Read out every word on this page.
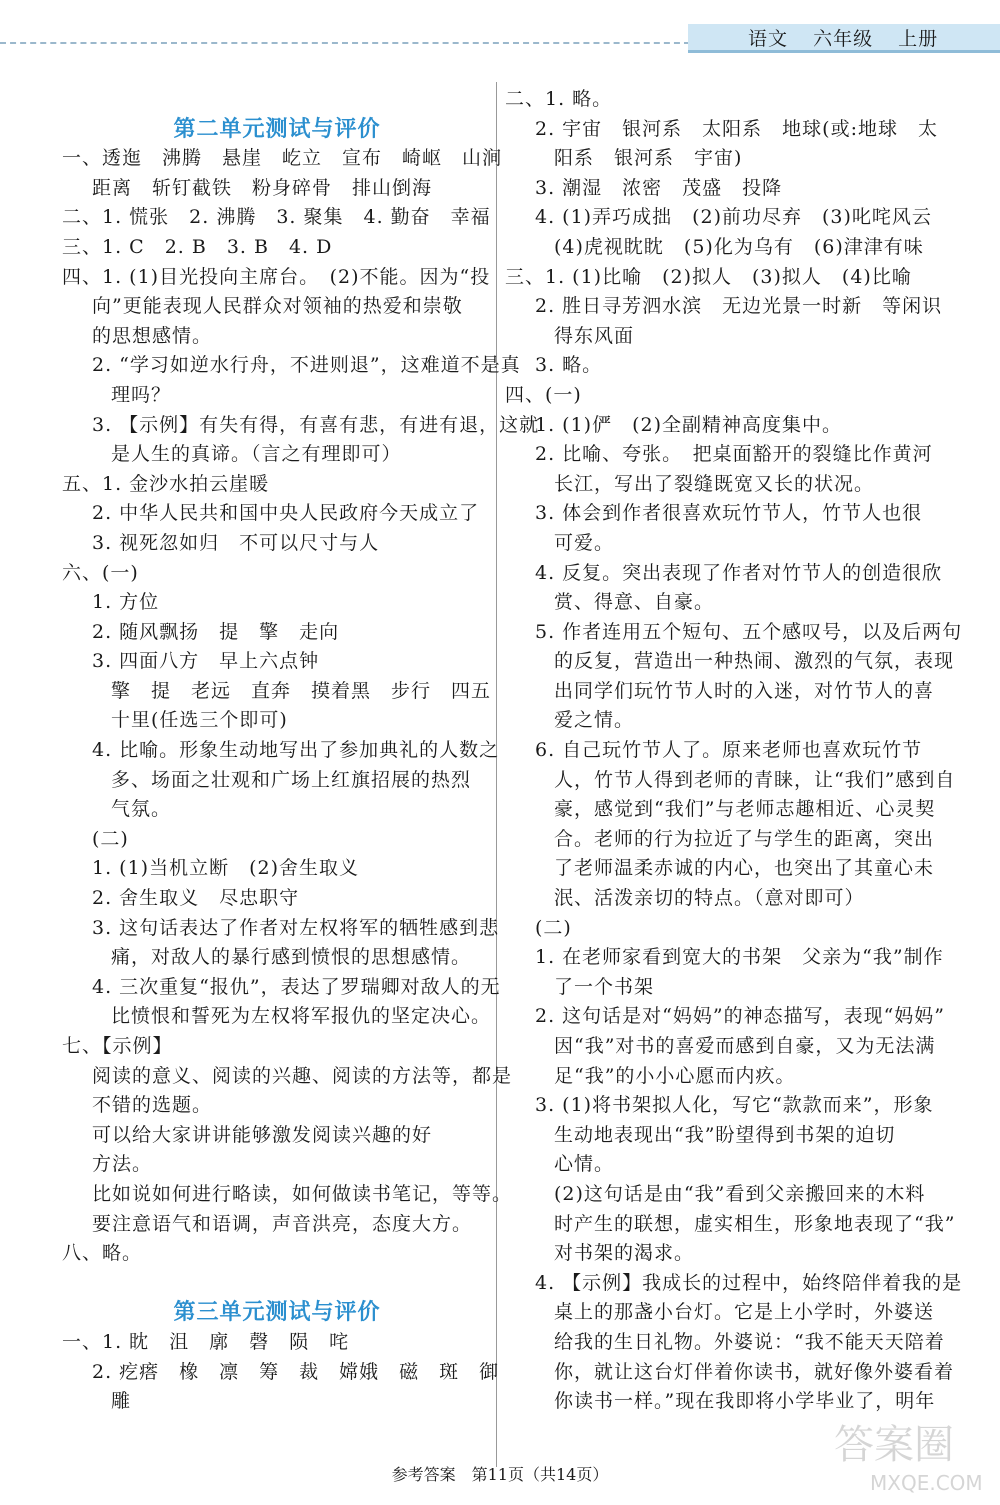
语文 六年级 上册

第二单元测试与评价
一、透迤　沸腾　悬崖　屹立　宣布　崎岖　山涧
距离　斩钉截铁　粉身碎骨　排山倒海
二、1. 慌张　2. 沸腾　3. 聚集　4. 勤奋　幸福
三、1. C　2. B　3. B　4. D
四、1. (1)目光投向主席台。　(2)不能。因为“投
向”更能表现人民群众对领袖的热爱和崇敬
的思想感情。
2. “学习如逆水行舟，不进则退”，这难道不是真
理吗？
3. 【示例】有失有得，有喜有悲，有进有退，这就
是人生的真谛。（言之有理即可）
五、1. 金沙水拍云崖暖
2. 中华人民共和国中央人民政府今天成立了
3. 视死忽如归　不可以尺寸与人
六、(一)
1. 方位
2. 随风飘扬　提　擎　走向
3. 四面八方　早上六点钟
擎　提　老远　直奔　摸着黑　步行　四五
十里(任选三个即可)
4. 比喻。形象生动地写出了参加典礼的人数之
多、场面之壮观和广场上红旗招展的热烈
气氛。
(二)
1. (1)当机立断　(2)舍生取义
2. 舍生取义　尽忠职守
3. 这句话表达了作者对左权将军的牺牲感到悲
痛，对敌人的暴行感到愤恨的思想感情。
4. 三次重复“报仇”，表达了罗瑞卿对敌人的无
比愤恨和誓死为左权将军报仇的坚定决心。
七、【示例】
阅读的意义、阅读的兴趣、阅读的方法等，都是
不错的选题。
可以给大家讲讲能够激发阅读兴趣的好
方法。
比如说如何进行略读，如何做读书笔记，等等。
要注意语气和语调，声音洪亮，态度大方。
八、略。

第三单元测试与评价
一、1. 眈　沮　廓　磬　陨　咤
2. 疙瘩　橡　凛　筹　裁　嫦娥　磁　斑　御
雕
二、1. 略。
2. 宇宙　银河系　太阳系　地球(或:地球　太
阳系　银河系　宇宙)
3. 潮湿　浓密　茂盛　投降
4. (1)弄巧成拙　(2)前功尽弃　(3)叱咤风云
(4)虎视眈眈　(5)化为乌有　(6)津津有味
三、1. (1)比喻　(2)拟人　(3)拟人　(4)比喻
2. 胜日寻芳泗水滨　无边光景一时新　等闲识
得东风面
3. 略。
四、(一)
1. (1)俨　(2)全副精神高度集中。
2. 比喻、夸张。　把桌面豁开的裂缝比作黄河
长江，写出了裂缝既宽又长的状况。
3. 体会到作者很喜欢玩竹节人，竹节人也很
可爱。
4. 反复。突出表现了作者对竹节人的创造很欣
赏、得意、自豪。
5. 作者连用五个短句、五个感叹号，以及后两句
的反复，营造出一种热闹、激烈的气氛，表现
出同学们玩竹节人时的入迷，对竹节人的喜
爱之情。
6. 自己玩竹节人了。原来老师也喜欢玩竹节
人，竹节人得到老师的青睐，让“我们”感到自
豪，感觉到“我们”与老师志趣相近、心灵契
合。老师的行为拉近了与学生的距离，突出
了老师温柔赤诚的内心，也突出了其童心未
泯、活泼亲切的特点。（意对即可）
(二)
1. 在老师家看到宽大的书架　父亲为“我”制作
了一个书架
2. 这句话是对“妈妈”的神态描写，表现“妈妈”
因“我”对书的喜爱而感到自豪，又为无法满
足“我”的小小心愿而内疚。
3. (1)将书架拟人化，写它“款款而来”，形象
生动地表现出“我”盼望得到书架的迫切
心情。
(2)这句话是由“我”看到父亲搬回来的木料
时产生的联想，虚实相生，形象地表现了“我”
对书架的渴求。
4. 【示例】我成长的过程中，始终陪伴着我的是
桌上的那盏小台灯。它是上小学时，外婆送
给我的生日礼物。外婆说：“我不能天天陪着
你，就让这台灯伴着你读书，就好像外婆看着
你读书一样。”现在我即将小学毕业了，明年
参考答案　第11页（共14页）
答案圈
MXQE.COM
